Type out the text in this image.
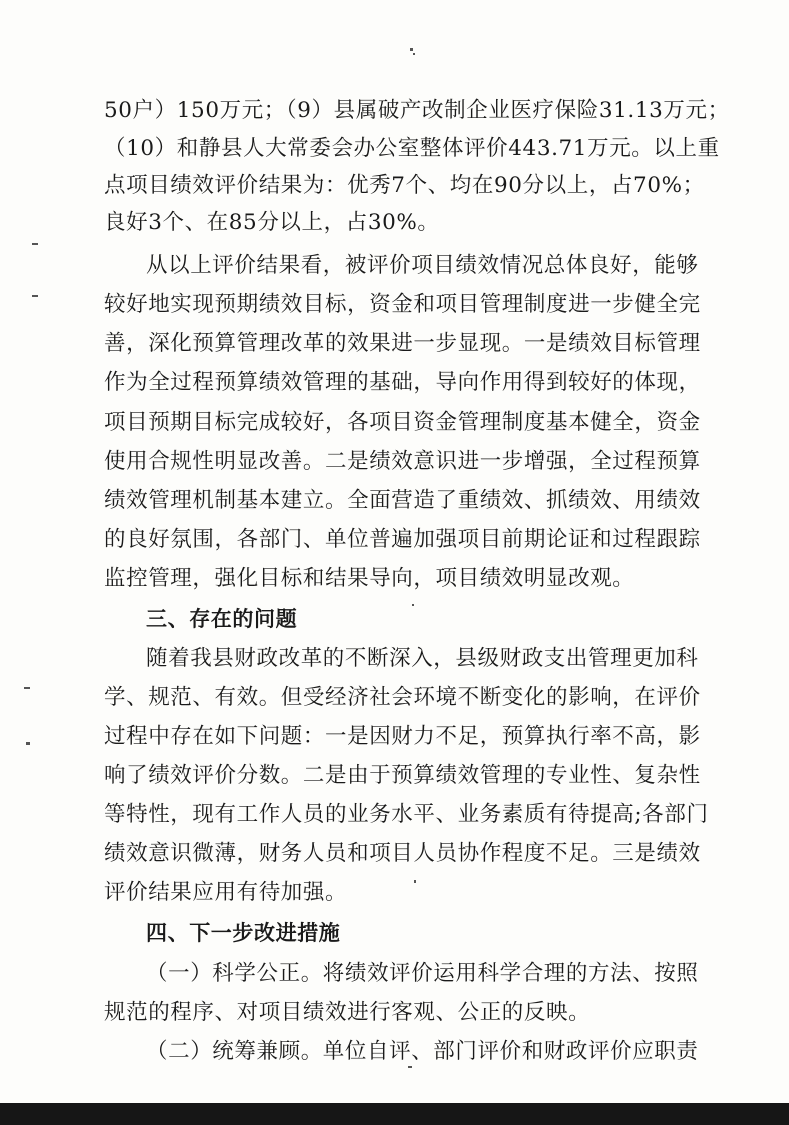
50户）150万元；（9）县属破产改制企业医疗保险31.13万元；
（10）和静县人大常委会办公室整体评价443.71万元。以上重
点项目绩效评价结果为：优秀7个、均在90分以上，占70%；
良好3个、在85分以上，占30%。
从以上评价结果看，被评价项目绩效情况总体良好，能够
较好地实现预期绩效目标，资金和项目管理制度进一步健全完
善，深化预算管理改革的效果进一步显现。一是绩效目标管理
作为全过程预算绩效管理的基础，导向作用得到较好的体现，
项目预期目标完成较好，各项目资金管理制度基本健全，资金
使用合规性明显改善。二是绩效意识进一步增强，全过程预算
绩效管理机制基本建立。全面营造了重绩效、抓绩效、用绩效
的良好氛围，各部门、单位普遍加强项目前期论证和过程跟踪
监控管理，强化目标和结果导向，项目绩效明显改观。
三、存在的问题
随着我县财政改革的不断深入，县级财政支出管理更加科
学、规范、有效。但受经济社会环境不断变化的影响，在评价
过程中存在如下问题：一是因财力不足，预算执行率不高，影
响了绩效评价分数。二是由于预算绩效管理的专业性、复杂性
等特性，现有工作人员的业务水平、业务素质有待提高;各部门
绩效意识微薄，财务人员和项目人员协作程度不足。三是绩效
评价结果应用有待加强。
四、下一步改进措施
（一）科学公正。将绩效评价运用科学合理的方法、按照
规范的程序、对项目绩效进行客观、公正的反映。
（二）统筹兼顾。单位自评、部门评价和财政评价应职责
